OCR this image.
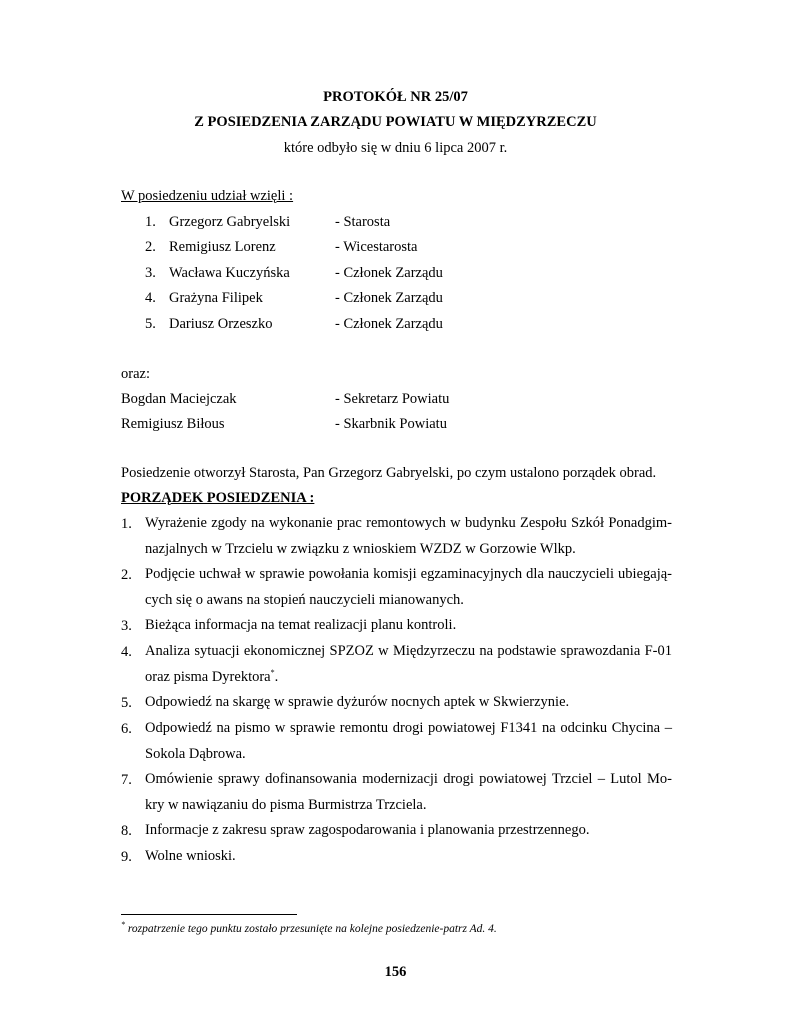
PROTOKÓŁ NR 25/07
Z POSIEDZENIA ZARZĄDU POWIATU W MIĘDZYRZECZU
które odbyło się w dniu 6 lipca 2007 r.
W posiedzeniu udział wzięli :
1. Grzegorz Gabryelski	- Starosta
2. Remigiusz Lorenz	- Wicestarosta
3. Wacława Kuczyńska	- Członek Zarządu
4. Grażyna Filipek	- Członek Zarządu
5. Dariusz Orzeszko	- Członek Zarządu
oraz:
Bogdan Maciejczak	- Sekretarz Powiatu
Remigiusz Biłous	- Skarbnik Powiatu
Posiedzenie otworzył Starosta, Pan Grzegorz Gabryelski, po czym ustalono porządek obrad.
PORZĄDEK POSIEDZENIA :
1. Wyrażenie zgody na wykonanie prac remontowych w budynku Zespołu Szkół Ponadgim-
nazjalnych w Trzcielu w związku z wnioskiem WZDZ w Gorzowie Wlkp.
2. Podjęcie uchwał w sprawie powołania komisji egzaminacyjnych dla nauczycieli ubiegają-
cych się o awans na stopień nauczycieli mianowanych.
3. Bieżąca informacja na temat realizacji planu kontroli.
4. Analiza sytuacji ekonomicznej SPZOZ w Międzyrzeczu na podstawie sprawozdania F-01
oraz pisma Dyrektora*.
5. Odpowiedź na skargę w sprawie dyżurów nocnych aptek w Skwierzynie.
6. Odpowiedź na pismo w sprawie remontu drogi powiatowej F1341 na odcinku Chycina –
Sokola Dąbrowa.
7. Omówienie sprawy dofinansowania modernizacji drogi powiatowej Trzciel – Lutol Mo-
kry w nawiązaniu do pisma Burmistrza Trzciela.
8. Informacje z zakresu spraw zagospodarowania i planowania przestrzennego.
9. Wolne wnioski.
* rozpatrzenie tego punktu zostało przesunięte na kolejne posiedzenie-patrz Ad. 4.
156
